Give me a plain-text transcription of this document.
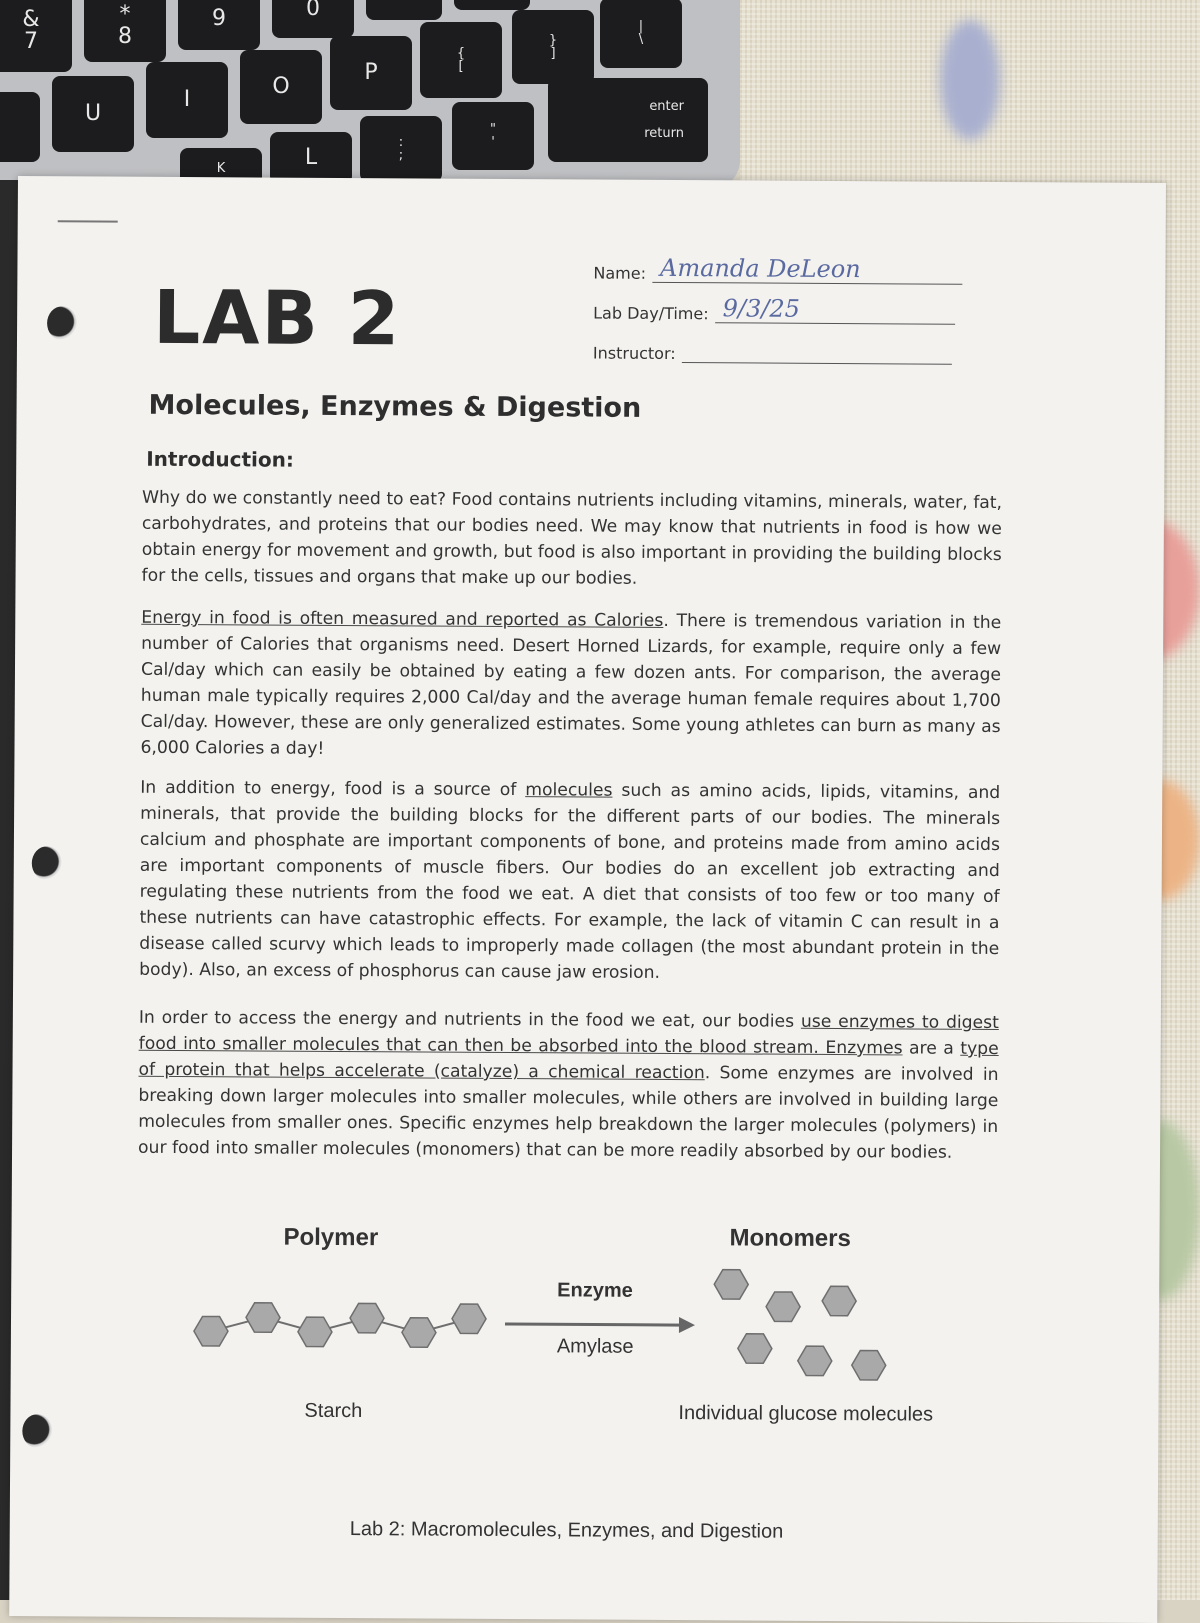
&
7
*
8
9	0
U
I
O
P
{
[
}
]
|
\
K	L
:
;
"
'
enter
return
LAB 2
Name: Amanda DeLeon
Lab Day/Time: 9/3/25
Instructor:
Molecules, Enzymes & Digestion
Introduction:

Why do we constantly need to eat? Food contains nutrients including vitamins, minerals, water, fat, carbohydrates, and proteins that our bodies need. We may know that nutrients in food is how we obtain energy for movement and growth, but food is also important in providing the building blocks for the cells, tissues and organs that make up our bodies.

Energy in food is often measured and reported as Calories. There is tremendous variation in the number of Calories that organisms need. Desert Horned Lizards, for example, require only a few Cal/day which can easily be obtained by eating a few dozen ants. For comparison, the average human male typically requires 2,000 Cal/day and the average human female requires about 1,700 Cal/day. However, these are only generalized estimates. Some young athletes can burn as many as 6,000 Calories a day!

In addition to energy, food is a source of molecules such as amino acids, lipids, vitamins, and minerals, that provide the building blocks for the different parts of our bodies. The minerals calcium and phosphate are important components of bone, and proteins made from amino acids are important components of muscle fibers. Our bodies do an excellent job extracting and regulating these nutrients from the food we eat. A diet that consists of too few or too many of these nutrients can have catastrophic effects. For example, the lack of vitamin C can result in a disease called scurvy which leads to improperly made collagen (the most abundant protein in the body). Also, an excess of phosphorus can cause jaw erosion.

In order to access the energy and nutrients in the food we eat, our bodies use enzymes to digest food into smaller molecules that can then be absorbed into the blood stream. Enzymes are a type of protein that helps accelerate (catalyze) a chemical reaction. Some enzymes are involved in breaking down larger molecules into smaller molecules, while others are involved in building large molecules from smaller ones. Specific enzymes help breakdown the larger molecules (polymers) in our food into smaller molecules (monomers) that can be more readily absorbed by our bodies.

Polymer	Monomers
Enzyme
Amylase
Starch	Individual glucose molecules
Lab 2: Macromolecules, Enzymes, and Digestion
